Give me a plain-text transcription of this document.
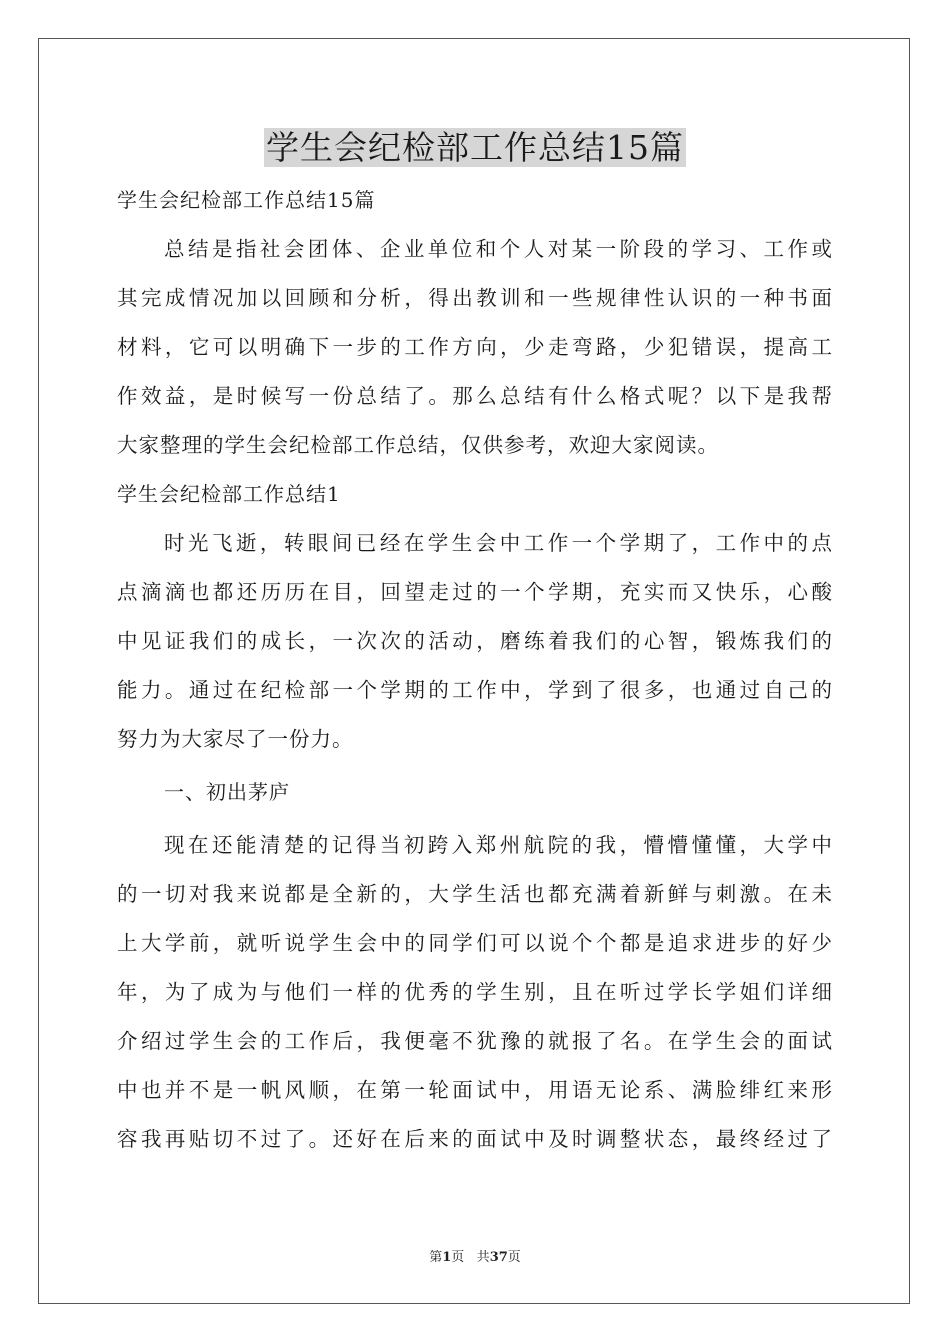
学生会纪检部工作总结15篇

学生会纪检部工作总结15篇

总结是指社会团体、企业单位和个人对某一阶段的学习、工作或

其完成情况加以回顾和分析，得出教训和一些规律性认识的一种书面

材料，它可以明确下一步的工作方向，少走弯路，少犯错误，提高工

作效益，是时候写一份总结了。那么总结有什么格式呢？以下是我帮

大家整理的学生会纪检部工作总结，仅供参考，欢迎大家阅读。

学生会纪检部工作总结1

时光飞逝，转眼间已经在学生会中工作一个学期了，工作中的点

点滴滴也都还历历在目，回望走过的一个学期，充实而又快乐，心酸

中见证我们的成长，一次次的活动，磨练着我们的心智，锻炼我们的

能力。通过在纪检部一个学期的工作中，学到了很多，也通过自己的

努力为大家尽了一份力。

一、初出茅庐

现在还能清楚的记得当初跨入郑州航院的我，懵懵懂懂，大学中

的一切对我来说都是全新的，大学生活也都充满着新鲜与刺激。在未

上大学前，就听说学生会中的同学们可以说个个都是追求进步的好少

年，为了成为与他们一样的优秀的学生别，且在听过学长学姐们详细

介绍过学生会的工作后，我便毫不犹豫的就报了名。在学生会的面试

中也并不是一帆风顺，在第一轮面试中，用语无论系、满脸绯红来形

容我再贴切不过了。还好在后来的面试中及时调整状态，最终经过了

第1页 共37页
